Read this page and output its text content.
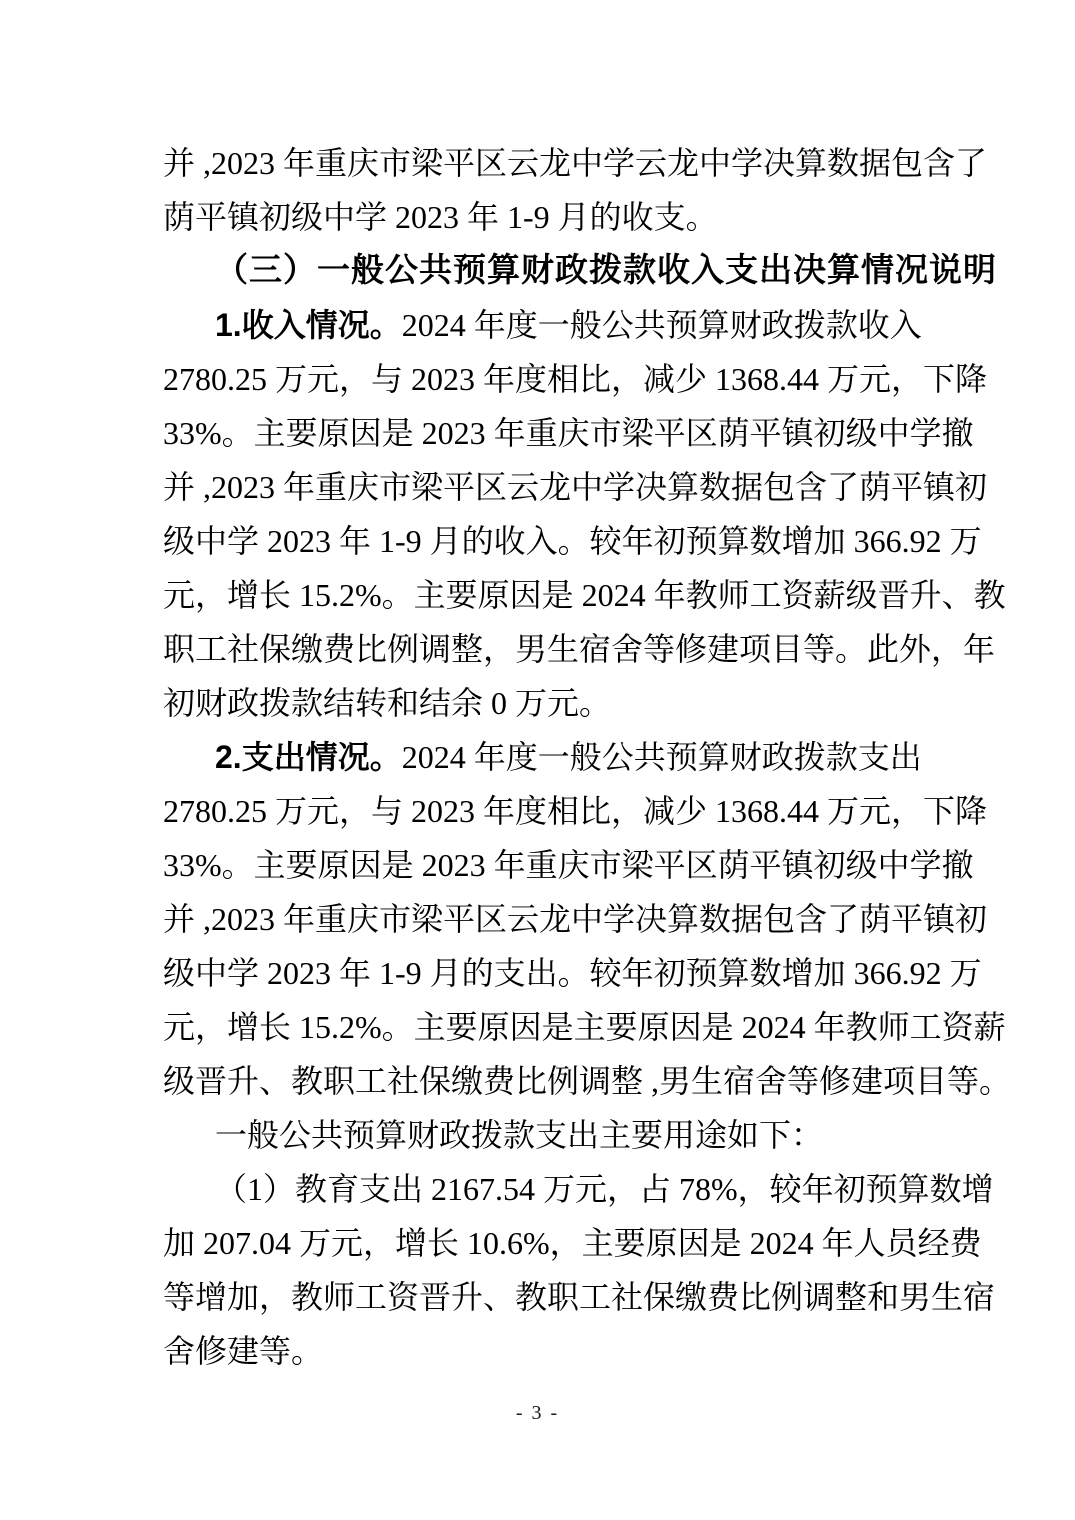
并 ,2023 年重庆市梁平区云龙中学云龙中学决算数据包含了
荫平镇初级中学 2023 年 1-9 月的收支。
（三）一般公共预算财政拨款收入支出决算情况说明
1.收入情况。2024 年度一般公共预算财政拨款收入
2780.25 万元，与 2023 年度相比，减少 1368.44 万元，下降
33%。主要原因是 2023 年重庆市梁平区荫平镇初级中学撤
并 ,2023 年重庆市梁平区云龙中学决算数据包含了荫平镇初
级中学 2023 年 1-9 月的收入。较年初预算数增加 366.92 万
元，增长 15.2%。主要原因是 2024 年教师工资薪级晋升、教
职工社保缴费比例调整，男生宿舍等修建项目等。此外，年
初财政拨款结转和结余 0 万元。
2.支出情况。2024 年度一般公共预算财政拨款支出
2780.25 万元，与 2023 年度相比，减少 1368.44 万元，下降
33%。主要原因是 2023 年重庆市梁平区荫平镇初级中学撤
并 ,2023 年重庆市梁平区云龙中学决算数据包含了荫平镇初
级中学 2023 年 1-9 月的支出。较年初预算数增加 366.92 万
元，增长 15.2%。主要原因是主要原因是 2024 年教师工资薪
级晋升、教职工社保缴费比例调整 ,男生宿舍等修建项目等。
一般公共预算财政拨款支出主要用途如下：
（1）教育支出 2167.54 万元，占 78%，较年初预算数增
加 207.04 万元，增长 10.6%，主要原因是 2024 年人员经费
等增加，教师工资晋升、教职工社保缴费比例调整和男生宿
舍修建等。
- 3 -
